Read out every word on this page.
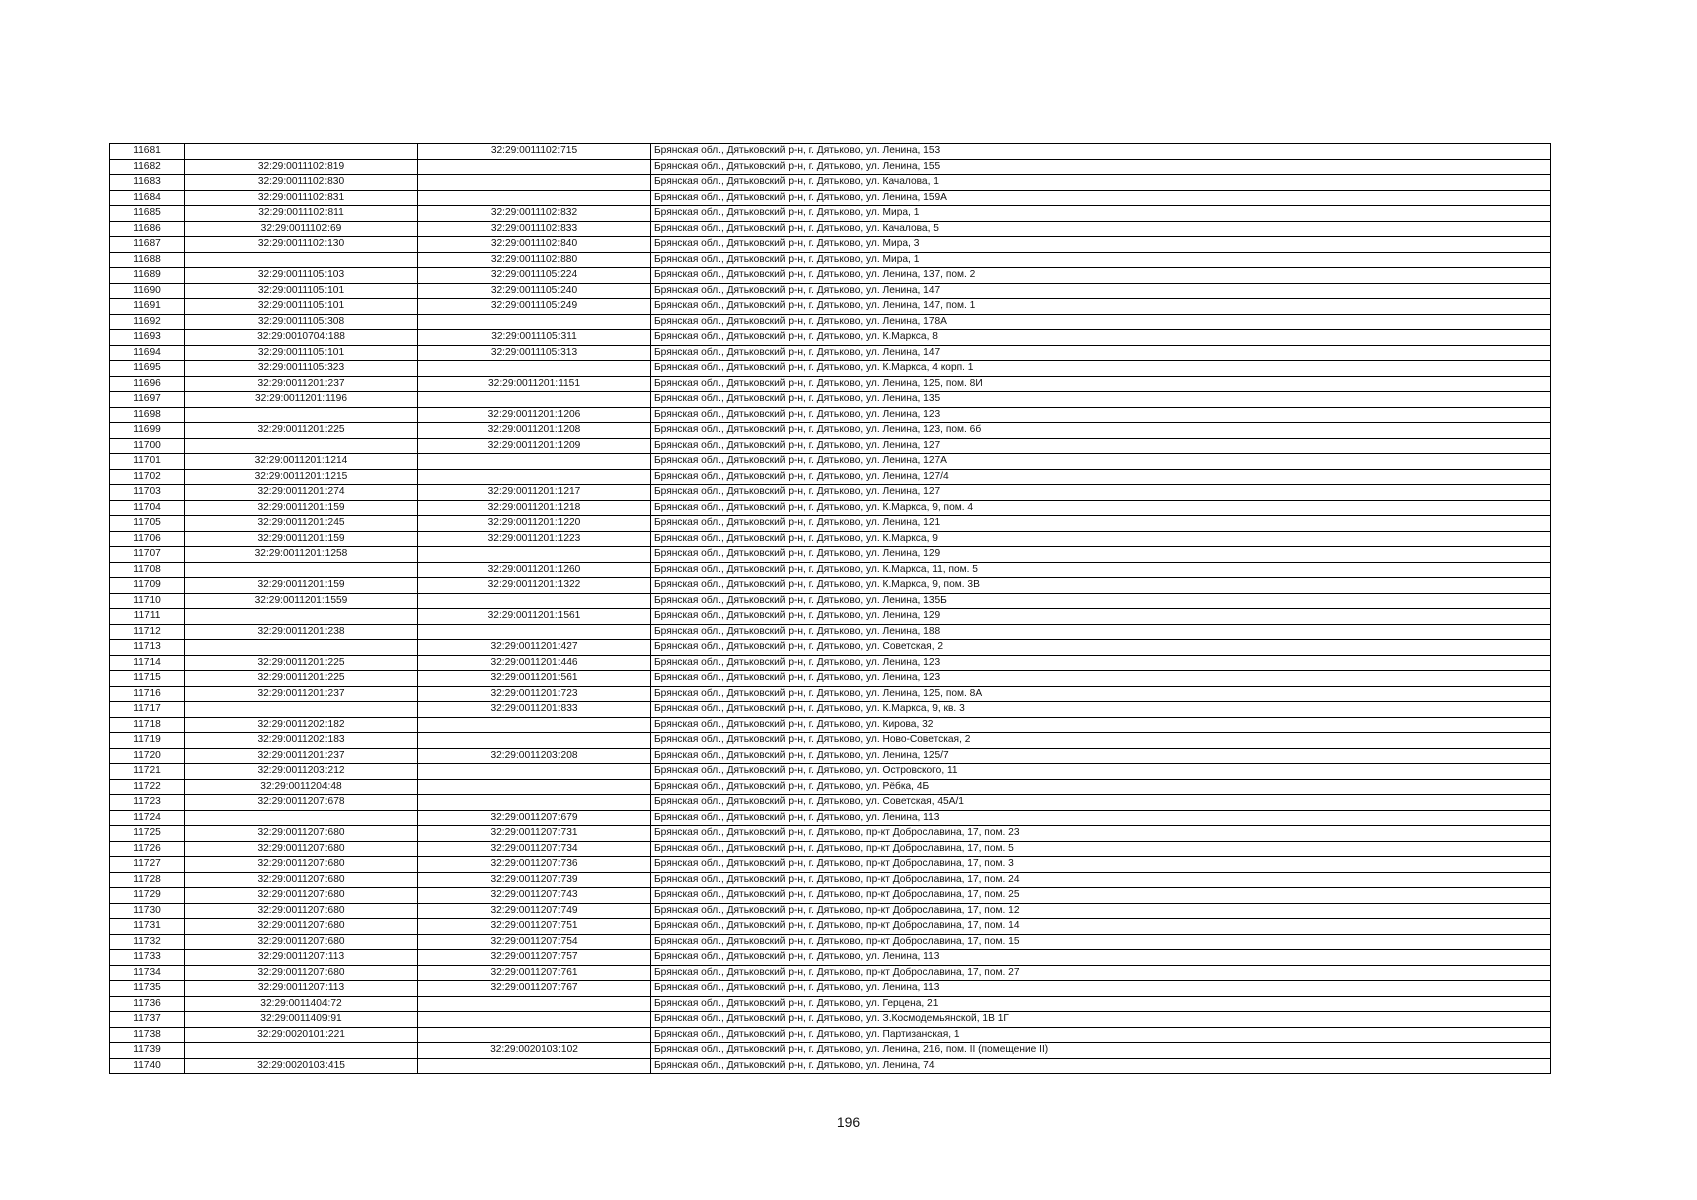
11681		32:29:0011102:715	Брянская обл., Дятьковский р-н, г. Дятьково, ул. Ленина, 153
11682	32:29:0011102:819		Брянская обл., Дятьковский р-н, г. Дятьково, ул. Ленина, 155
11683	32:29:0011102:830		Брянская обл., Дятьковский р-н, г. Дятьково, ул. Качалова, 1
11684	32:29:0011102:831		Брянская обл., Дятьковский р-н, г. Дятьково, ул. Ленина, 159А
11685	32:29:0011102:811	32:29:0011102:832	Брянская обл., Дятьковский р-н, г. Дятьково, ул. Мира, 1
11686	32:29:0011102:69	32:29:0011102:833	Брянская обл., Дятьковский р-н, г. Дятьково, ул. Качалова, 5
11687	32:29:0011102:130	32:29:0011102:840	Брянская обл., Дятьковский р-н, г. Дятьково, ул. Мира, 3
11688		32:29:0011102:880	Брянская обл., Дятьковский р-н, г. Дятьково, ул. Мира, 1
11689	32:29:0011105:103	32:29:0011105:224	Брянская обл., Дятьковский р-н, г. Дятьково, ул. Ленина, 137, пом. 2
11690	32:29:0011105:101	32:29:0011105:240	Брянская обл., Дятьковский р-н, г. Дятьково, ул. Ленина, 147
11691	32:29:0011105:101	32:29:0011105:249	Брянская обл., Дятьковский р-н, г. Дятьково, ул. Ленина, 147, пом. 1
11692	32:29:0011105:308		Брянская обл., Дятьковский р-н, г. Дятьково, ул. Ленина, 178А
11693	32:29:0010704:188	32:29:0011105:311	Брянская обл., Дятьковский р-н, г. Дятьково, ул. К.Маркса, 8
11694	32:29:0011105:101	32:29:0011105:313	Брянская обл., Дятьковский р-н, г. Дятьково, ул. Ленина, 147
11695	32:29:0011105:323		Брянская обл., Дятьковский р-н, г. Дятьково, ул. К.Маркса, 4 корп. 1
11696	32:29:0011201:237	32:29:0011201:1151	Брянская обл., Дятьковский р-н, г. Дятьково, ул. Ленина, 125, пом. 8И
11697	32:29:0011201:1196		Брянская обл., Дятьковский р-н, г. Дятьково, ул. Ленина, 135
11698		32:29:0011201:1206	Брянская обл., Дятьковский р-н, г. Дятьково, ул. Ленина, 123
11699	32:29:0011201:225	32:29:0011201:1208	Брянская обл., Дятьковский р-н, г. Дятьково, ул. Ленина, 123, пом. 6б
11700		32:29:0011201:1209	Брянская обл., Дятьковский р-н, г. Дятьково, ул. Ленина, 127
11701	32:29:0011201:1214		Брянская обл., Дятьковский р-н, г. Дятьково, ул. Ленина, 127А
11702	32:29:0011201:1215		Брянская обл., Дятьковский р-н, г. Дятьково, ул. Ленина, 127/4
11703	32:29:0011201:274	32:29:0011201:1217	Брянская обл., Дятьковский р-н, г. Дятьково, ул. Ленина, 127
11704	32:29:0011201:159	32:29:0011201:1218	Брянская обл., Дятьковский р-н, г. Дятьково, ул. К.Маркса, 9, пом. 4
11705	32:29:0011201:245	32:29:0011201:1220	Брянская обл., Дятьковский р-н, г. Дятьково, ул. Ленина, 121
11706	32:29:0011201:159	32:29:0011201:1223	Брянская обл., Дятьковский р-н, г. Дятьково, ул. К.Маркса, 9
11707	32:29:0011201:1258		Брянская обл., Дятьковский р-н, г. Дятьково, ул. Ленина, 129
11708		32:29:0011201:1260	Брянская обл., Дятьковский р-н, г. Дятьково, ул. К.Маркса, 11, пом. 5
11709	32:29:0011201:159	32:29:0011201:1322	Брянская обл., Дятьковский р-н, г. Дятьково, ул. К.Маркса, 9, пом. 3В
11710	32:29:0011201:1559		Брянская обл., Дятьковский р-н, г. Дятьково, ул. Ленина, 135Б
11711		32:29:0011201:1561	Брянская обл., Дятьковский р-н, г. Дятьково, ул. Ленина, 129
11712	32:29:0011201:238		Брянская обл., Дятьковский р-н, г. Дятьково, ул. Ленина, 188
11713		32:29:0011201:427	Брянская обл., Дятьковский р-н, г. Дятьково, ул. Советская, 2
11714	32:29:0011201:225	32:29:0011201:446	Брянская обл., Дятьковский р-н, г. Дятьково, ул. Ленина, 123
11715	32:29:0011201:225	32:29:0011201:561	Брянская обл., Дятьковский р-н, г. Дятьково, ул. Ленина, 123
11716	32:29:0011201:237	32:29:0011201:723	Брянская обл., Дятьковский р-н, г. Дятьково, ул. Ленина, 125, пом. 8А
11717		32:29:0011201:833	Брянская обл., Дятьковский р-н, г. Дятьково, ул. К.Маркса, 9, кв. 3
11718	32:29:0011202:182		Брянская обл., Дятьковский р-н, г. Дятьково, ул. Кирова, 32
11719	32:29:0011202:183		Брянская обл., Дятьковский р-н, г. Дятьково, ул. Ново-Советская, 2
11720	32:29:0011201:237	32:29:0011203:208	Брянская обл., Дятьковский р-н, г. Дятьково, ул. Ленина, 125/7
11721	32:29:0011203:212		Брянская обл., Дятьковский р-н, г. Дятьково, ул. Островского, 11
11722	32:29:0011204:48		Брянская обл., Дятьковский р-н, г. Дятьково, ул. Рёбка, 4Б
11723	32:29:0011207:678		Брянская обл., Дятьковский р-н, г. Дятьково, ул. Советская, 45А/1
11724		32:29:0011207:679	Брянская обл., Дятьковский р-н, г. Дятьково, ул. Ленина, 113
11725	32:29:0011207:680	32:29:0011207:731	Брянская обл., Дятьковский р-н, г. Дятьково, пр-кт Доброславина, 17, пом. 23
11726	32:29:0011207:680	32:29:0011207:734	Брянская обл., Дятьковский р-н, г. Дятьково, пр-кт Доброславина, 17, пом. 5
11727	32:29:0011207:680	32:29:0011207:736	Брянская обл., Дятьковский р-н, г. Дятьково, пр-кт Доброславина, 17, пом. 3
11728	32:29:0011207:680	32:29:0011207:739	Брянская обл., Дятьковский р-н, г. Дятьково, пр-кт Доброславина, 17, пом. 24
11729	32:29:0011207:680	32:29:0011207:743	Брянская обл., Дятьковский р-н, г. Дятьково, пр-кт Доброславина, 17, пом. 25
11730	32:29:0011207:680	32:29:0011207:749	Брянская обл., Дятьковский р-н, г. Дятьково, пр-кт Доброславина, 17, пом. 12
11731	32:29:0011207:680	32:29:0011207:751	Брянская обл., Дятьковский р-н, г. Дятьково, пр-кт Доброславина, 17, пом. 14
11732	32:29:0011207:680	32:29:0011207:754	Брянская обл., Дятьковский р-н, г. Дятьково, пр-кт Доброславина, 17, пом. 15
11733	32:29:0011207:113	32:29:0011207:757	Брянская обл., Дятьковский р-н, г. Дятьково, ул. Ленина, 113
11734	32:29:0011207:680	32:29:0011207:761	Брянская обл., Дятьковский р-н, г. Дятьково, пр-кт Доброславина, 17, пом. 27
11735	32:29:0011207:113	32:29:0011207:767	Брянская обл., Дятьковский р-н, г. Дятьково, ул. Ленина, 113
11736	32:29:0011404:72		Брянская обл., Дятьковский р-н, г. Дятьково, ул. Герцена, 21
11737	32:29:0011409:91		Брянская обл., Дятьковский р-н, г. Дятьково, ул. З.Космодемьянской, 1В 1Г
11738	32:29:0020101:221		Брянская обл., Дятьковский р-н, г. Дятьково, ул. Партизанская, 1
11739		32:29:0020103:102	Брянская обл., Дятьковский р-н, г. Дятьково, ул. Ленина, 216, пом. II (помещение II)
11740	32:29:0020103:415		Брянская обл., Дятьковский р-н, г. Дятьково, ул. Ленина, 74
196
